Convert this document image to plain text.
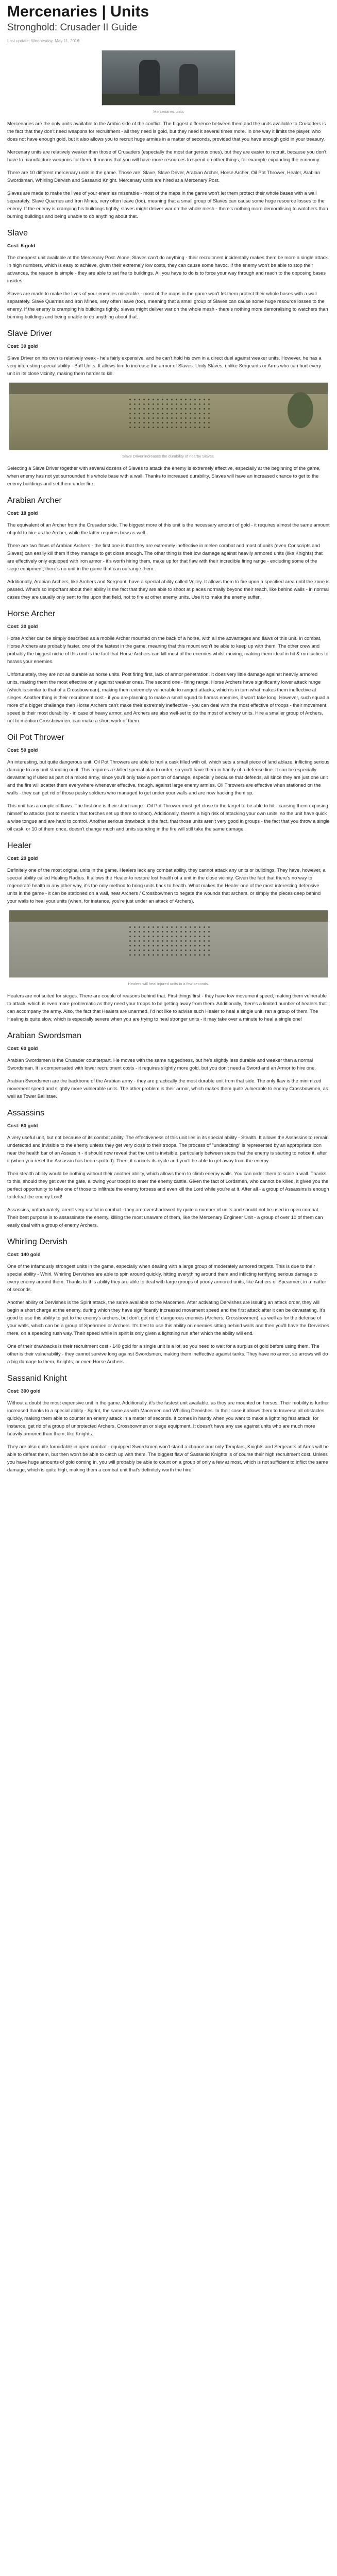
Mercenaries | Units
Stronghold: Crusader II Guide
Last update: Wednesday, May 11, 2016
Mercenaries units

Mercenaries are the only units available to the Arabic side of the conflict. The biggest difference between them and the units available to Crusaders is the fact that they don't need weapons for recruitment - all they need is gold, but they need it several times more. In one way it limits the player, who does not have enough gold, but it also allows you to recruit huge armies in a matter of seconds, provided that you have enough gold in your treasury.

Mercenary units are relatively weaker than those of Crusaders (especially the most dangerous ones), but they are easier to recruit, because you don't have to manufacture weapons for them. It means that you will have more resources to spend on other things, for example expanding the economy.

There are 10 different mercenary units in the game. Those are: Slave, Slave Driver, Arabian Archer, Horse Archer, Oil Pot Thrower, Healer, Arabian Swordsman, Whirling Dervish and Sassanid Knight. Mercenary units are hired at a Mercenary Post.

Slaves are made to make the lives of your enemies miserable - most of the maps in the game won't let them protect their whole bases with a wall separately. Slave Quarries and Iron Mines, very often leave (too), meaning that a small group of Slaves can cause some huge resource losses to the enemy. If the enemy is cramping his buildings tightly, slaves might deliver war on the whole mesh - there's nothing more demoralising to watchers than burning buildings and being unable to do anything about that.

Slave
Cost: 5 gold

The cheapest unit available at the Mercenary Post. Alone, Slaves can't do anything - their recruitment incidentally makes them be more a single attack. In high numbers, which is easy to achieve, given their extremely low costs, they can cause some havoc. If the enemy won't be able to stop their advances, the reason is simple - they are able to set fire to buildings. All you have to do is to force your way through and reach to the opposing bases insides.

Slaves are made to make the lives of your enemies miserable - most of the maps in the game won't let them protect their whole bases with a wall separately. Slave Quarries and Iron Mines, very often leave (too), meaning that a small group of Slaves can cause some huge resource losses to the enemy. If the enemy is cramping his buildings tightly, slaves might deliver war on the whole mesh - there's nothing more demoralising to watchers than burning buildings and being unable to do anything about that.

Slave Driver
Cost: 30 gold

Slave Driver on his own is relatively weak - he's fairly expensive, and he can't hold his own in a direct duel against weaker units. However, he has a very interesting special ability - Buff Units. It allows him to increase the armor of Slaves. Unity Slaves, unlike Sergeants or Arms who can hurt every unit in its close vicinity, making them harder to kill.

Slave Driver increases the durability of nearby Slaves.

Selecting a Slave Driver together with several dozens of Slaves to attack the enemy is extremely effective, especially at the beginning of the game, when enemy has not yet surrounded his whole base with a wall. Thanks to increased durability, Slaves will have an increased chance to get to the enemy buildings and set them under fire.

Arabian Archer
Cost: 18 gold

The equivalent of an Archer from the Crusader side. The biggest more of this unit is the necessary amount of gold - it requires almost the same amount of gold to hire as the Archer, while the latter requires bow as well.

There are two flaws of Arabian Archers - the first one is that they are extremely ineffective in melee combat and most of units (even Conscripts and Slaves) can easily kill them if they manage to get close enough. The other thing is their low damage against heavily armored units (like Knights) that are effectively only equipped with iron armor - it's worth hiring them, make up for that flaw with their incredible firing range - excluding some of the siege equipment, there's no unit in the game that can outrange them.

Additionally, Arabian Archers, like Archers and Sergeant, have a special ability called Volley. It allows them to fire upon a specified area until the zone is passed. What's so important about their ability is the fact that they are able to shoot at places normally beyond their reach, like behind walls - in normal cases they are usually only sent to fire upon that field, not to fire at other enemy units. Use it to make the enemy suffer.

Horse Archer
Cost: 30 gold

Horse Archer can be simply described as a mobile Archer mounted on the back of a horse, with all the advantages and flaws of this unit. In combat, Horse Archers are probably faster, one of the fastest in the game, meaning that this mount won't be able to keep up with them. The other crew and probably the biggest niche of this unit is the fact that Horse Archers can kill most of the enemies whilst moving, making them ideal in hit & run tactics to harass your enemies.

Unfortunately, they are not as durable as horse units. Post firing first, lack of armor penetration. It does very little damage against heavily armored units, making them the most effective only against weaker ones. The second one - firing range. Horse Archers have significantly lower attack range (which is similar to that of a Crossbowman), making them extremely vulnerable to ranged attacks, which is in turn what makes them ineffective at sieges. Another thing is their recruitment cost - if you are planning to make a small squad to harass enemies, it won't take long. However, such squad a more of a bigger challenge then Horse Archers can't make their extremely ineffective - you can deal with the most effective of troops - their movement speed is their most durability - in case of heavy armor, and Archers are also well-set to do the most of archery units. Hire a smaller group of Archers, not to mention Crossbowmen, can make a short work of them.

Oil Pot Thrower
Cost: 50 gold

An interesting, but quite dangerous unit. Oil Pot Throwers are able to hurl a cask filled with oil, which sets a small piece of land ablaze, inflicting serious damage to any unit standing on it. This requires a skilled special plan to order, so you'll have them in handy of a defense line. It can be especially devastating if used as part of a mixed army, since you'll only take a portion of damage, especially because that defends, all since they are just one unit and the fire will scatter them everywhere whenever effective, though, against large enemy armies. Oil Throwers are effective when stationed on the walls - they can get rid of those pesky soldiers who managed to get under your walls and are now hacking them up.

This unit has a couple of flaws. The first one is their short range - Oil Pot Thrower must get close to the target to be able to hit - causing them exposing himself to attacks (not to mention that torches set up there to shoot). Additionally, there's a high risk of attacking your own units, so the unit have quick a wise tongue and are hard to control. Another serious drawback is the fact, that those units aren't very good in groups - the fact that you throw a single oil cask, or 10 of them once, doesn't change much and units standing in the fire will still take the same damage.

Healer
Cost: 20 gold

Definitely one of the most original units in the game. Healers lack any combat ability, they cannot attack any units or buildings. They have, however, a special ability called Healing Radius. It allows the Healer to restore lost health of a unit in the close vicinity. Given the fact that there's no way to regenerate health in any other way, it's the only method to bring units back to health. What makes the Healer one of the most interesting defensive units in the game - it can be stationed on a wall, near Archers / Crossbowmen to negate the wounds that archers, or simply the pieces deep behind your walls to heal your units (when, for instance, you're just under an attack of Archers).

Healers will heal injured units in a few seconds.

Healers are not suited for sieges. There are couple of reasons behind that. First things first - they have low movement speed, making them vulnerable to attack, which is even more problematic as they need your troops to be getting away from them. Additionally, there's a limited number of healers that can accompany the army. Also, the fact that Healers are unarmed, I'd not like to advise such Healer to heal a single unit, ran a group of them. The Healing is quite slow, which is especially severe when you are trying to heal stronger units - it may take over a minute to heal a single one!

Arabian Swordsman
Cost: 60 gold

Arabian Swordsmen is the Crusader counterpart. He moves with the same ruggedness, but he's slightly less durable and weaker than a normal Swordsman. It is compensated with lower recruitment costs - it requires slightly more gold, but you don't need a Sword and an Armor to hire one.

Arabian Swordsmen are the backbone of the Arabian army - they are practically the most durable unit from that side. The only flaw is the minimized movement speed and slightly more vulnerable units. The other problem is their armor, which makes them quite vulnerable to enemy Crossbowmen, as well as Tower Ballistae.

Assassins
Cost: 60 gold

A very useful unit, but not because of its combat ability. The effectiveness of this unit lies in its special ability - Stealth. It allows the Assassins to remain undetected and invisible to the enemy unless they get very close to their troops. The process of "undetecting" is represented by an appropriate icon near the health bar of an Assassin - it should now reveal that the unit is invisible, particularly between steps that the enemy is starting to notice it, after it (when you reset the Assassin has been spotted). Then, it cancels its cycle and you'll be able to get away from the enemy.

Their stealth ability would be nothing without their another ability, which allows them to climb enemy walls. You can order them to scale a wall. Thanks to this, should they get over the gate, allowing your troops to enter the enemy castle. Given the fact of Lordsmen, who cannot be killed, it gives you the perfect opportunity to take one of those to infiltrate the enemy fortress and even kill the Lord while you're at it. After all - a group of Assassins is enough to defeat the enemy Lord!

Assassins, unfortunately, aren't very useful in combat - they are overshadowed by quite a number of units and should not be used in open combat. Their best purpose is to assassinate the enemy, killing the most unaware of them, like the Mercenary Engineer Unit - a group of over 10 of them can easily deal with a group of enemy Archers.

Whirling Dervish
Cost: 140 gold

One of the infamously strongest units in the game, especially when dealing with a large group of moderately armored targets. This is due to their special ability - Whirl. Whirling Dervishes are able to spin around quickly, hitting everything around them and inflicting terrifying serious damage to every enemy around them. Thanks to this ability they are able to deal with large groups of poorly armored units, like Archers or Spearmen, in a matter of seconds.

Another ability of Dervishes is the Spirit attack, the same available to the Macemen. After activating Dervishes are issuing an attack order, they will begin a short charge at the enemy, during which they have significantly increased movement speed and the first attack after it can be devastating. It's good to use this ability to get to the enemy's archers, but don't get rid of dangerous enemies (Archers, Crossbowmen), as well as for the defense of your walls, which can be a group of Spearmen or Archers. It's best to use this ability on enemies sitting behind walls and then you'll have the Dervishes there, on a speeding rush way. Their speed while in spirit is only given a lightning run after which the ability will end.

One of their drawbacks is their recruitment cost - 140 gold for a single unit is a lot, so you need to wait for a surplus of gold before using them. The other is their vulnerability - they cannot survive long against Swordsmen, making them ineffective against tanks. They have no armor, so arrows will do a big damage to them, Knights, or even Horse Archers.

Sassanid Knight
Cost: 300 gold

Without a doubt the most expensive unit in the game. Additionally, it's the fastest unit available, as they are mounted on horses. Their mobility is further increased thanks to a special ability - Sprint, the same as with Macemen and Whirling Dervishes. In their case it allows them to traverse all obstacles quickly, making them able to counter an enemy attack in a matter of seconds. It comes in handy when you want to make a lightning fast attack, for instance, get rid of a group of unprotected Archers, Crossbowmen or siege equipment. It doesn't have any use against units who are much more heavily armored than them, like Knights.

They are also quite formidable in open combat - equipped Swordsmen won't stand a chance and only Templars, Knights and Sergeants of Arms will be able to defeat them, but then won't be able to catch up with them. The biggest flaw of Sassanid Knights is of course their high recruitment cost. Unless you have huge amounts of gold coming in, you will probably be able to count on a group of only a few at most, which is not sufficient to inflict the same damage, which is quite high, making them a combat unit that's definitely worth the hire.
